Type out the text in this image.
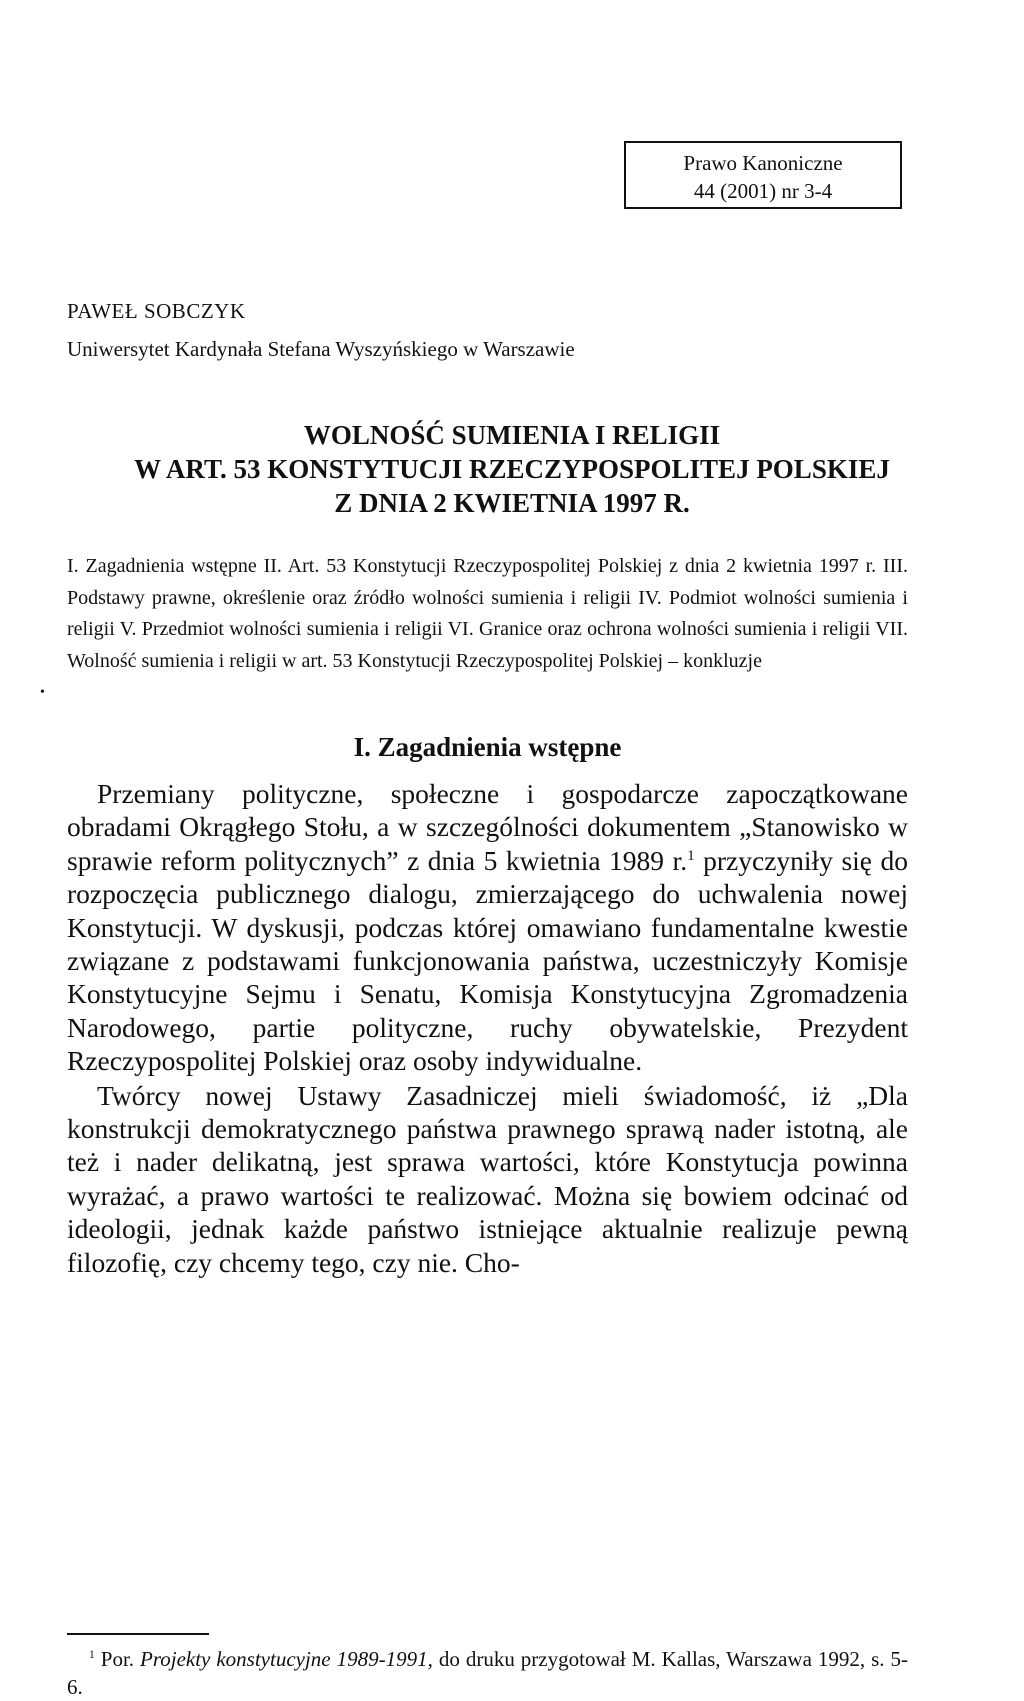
Prawo Kanoniczne
44 (2001) nr 3-4
PAWEŁ SOBCZYK
Uniwersytet Kardynała Stefana Wyszyńskiego w Warszawie
WOLNOŚĆ SUMIENIA I RELIGII
W ART. 53 KONSTYTUCJI RZECZYPOSPOLITEJ POLSKIEJ
Z DNIA 2 KWIETNIA 1997 R.
I. Zagadnienia wstępne II. Art. 53 Konstytucji Rzeczypospolitej Polskiej z dnia 2 kwietnia 1997 r. III. Podstawy prawne, określenie oraz źródło wolności sumienia i religii IV. Podmiot wolności sumienia i religii V. Przedmiot wolności sumienia i religii VI. Granice oraz ochrona wolności sumienia i religii VII. Wolność sumienia i religii w art. 53 Konstytucji Rzeczypospolitej Polskiej – konkluzje
•
I. Zagadnienia wstępne

Przemiany polityczne, społeczne i gospodarcze zapoczątkowane obradami Okrągłego Stołu, a w szczególności dokumentem „Stanowisko w sprawie reform politycznych” z dnia 5 kwietnia 1989 r.$^1$ przyczyniły się do rozpoczęcia publicznego dialogu, zmierzającego do uchwalenia nowej Konstytucji. W dyskusji, podczas której omawiano fundamentalne kwestie związane z podstawami funkcjonowania państwa, uczestniczyły Komisje Konstytucyjne Sejmu i Senatu, Komisja Konstytucyjna Zgromadzenia Narodowego, partie polityczne, ruchy obywatelskie, Prezydent Rzeczypospolitej Polskiej oraz osoby indywidualne.

Twórcy nowej Ustawy Zasadniczej mieli świadomość, iż „Dla konstrukcji demokratycznego państwa prawnego sprawą nader istotną, ale też i nader delikatną, jest sprawa wartości, które Konstytucja powinna wyrażać, a prawo wartości te realizować. Można się bowiem odcinać od ideologii, jednak każde państwo istniejące aktualnie realizuje pewną filozofię, czy chcemy tego, czy nie. Cho-

$^1$ Por. Projekty konstytucyjne 1989-1991, do druku przygotował M. Kallas, Warszawa 1992, s. 5-6.
